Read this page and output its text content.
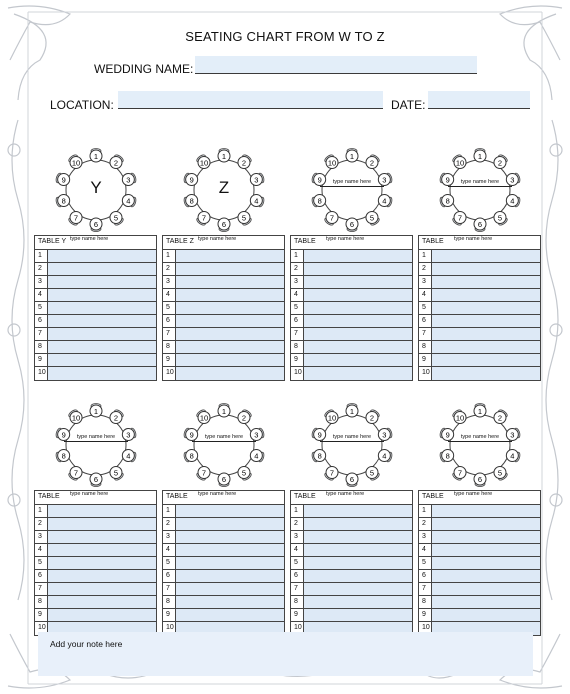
SEATING CHART FROM W TO Z
WEDDING NAME:
LOCATION:	DATE:
1
2
3
4
5
6
7
8
9
10
Y
1
2
3
4
5
6
7
8
9
10
Z
1
2
3
4
5
6
7
8
9
10
type name here
1
2
3
4
5
6
7
8
9
10
type name here
1
2
3
4
5
6
7
8
9
10
type name here
1
2
3
4
5
6
7
8
9
10
type name here
1
2
3
4
5
6
7
8
9
10
type name here
1
2
3
4
5
6
7
8
9
10
type name here
TABLE Y type name here
1
2
3
4
5
6
7
8
9
10
TABLE Z type name here
1
2
3
4
5
6
7
8
9
10
TABLE type name here
1
2
3
4
5
6
7
8
9
10
TABLE type name here
1
2
3
4
5
6
7
8
9
10
TABLE type name here
1
2
3
4
5
6
7
8
9
10
TABLE type name here
1
2
3
4
5
6
7
8
9
10
TABLE type name here
1
2
3
4
5
6
7
8
9
10
TABLE type name here
1
2
3
4
5
6
7
8
9
10
Add your note here
